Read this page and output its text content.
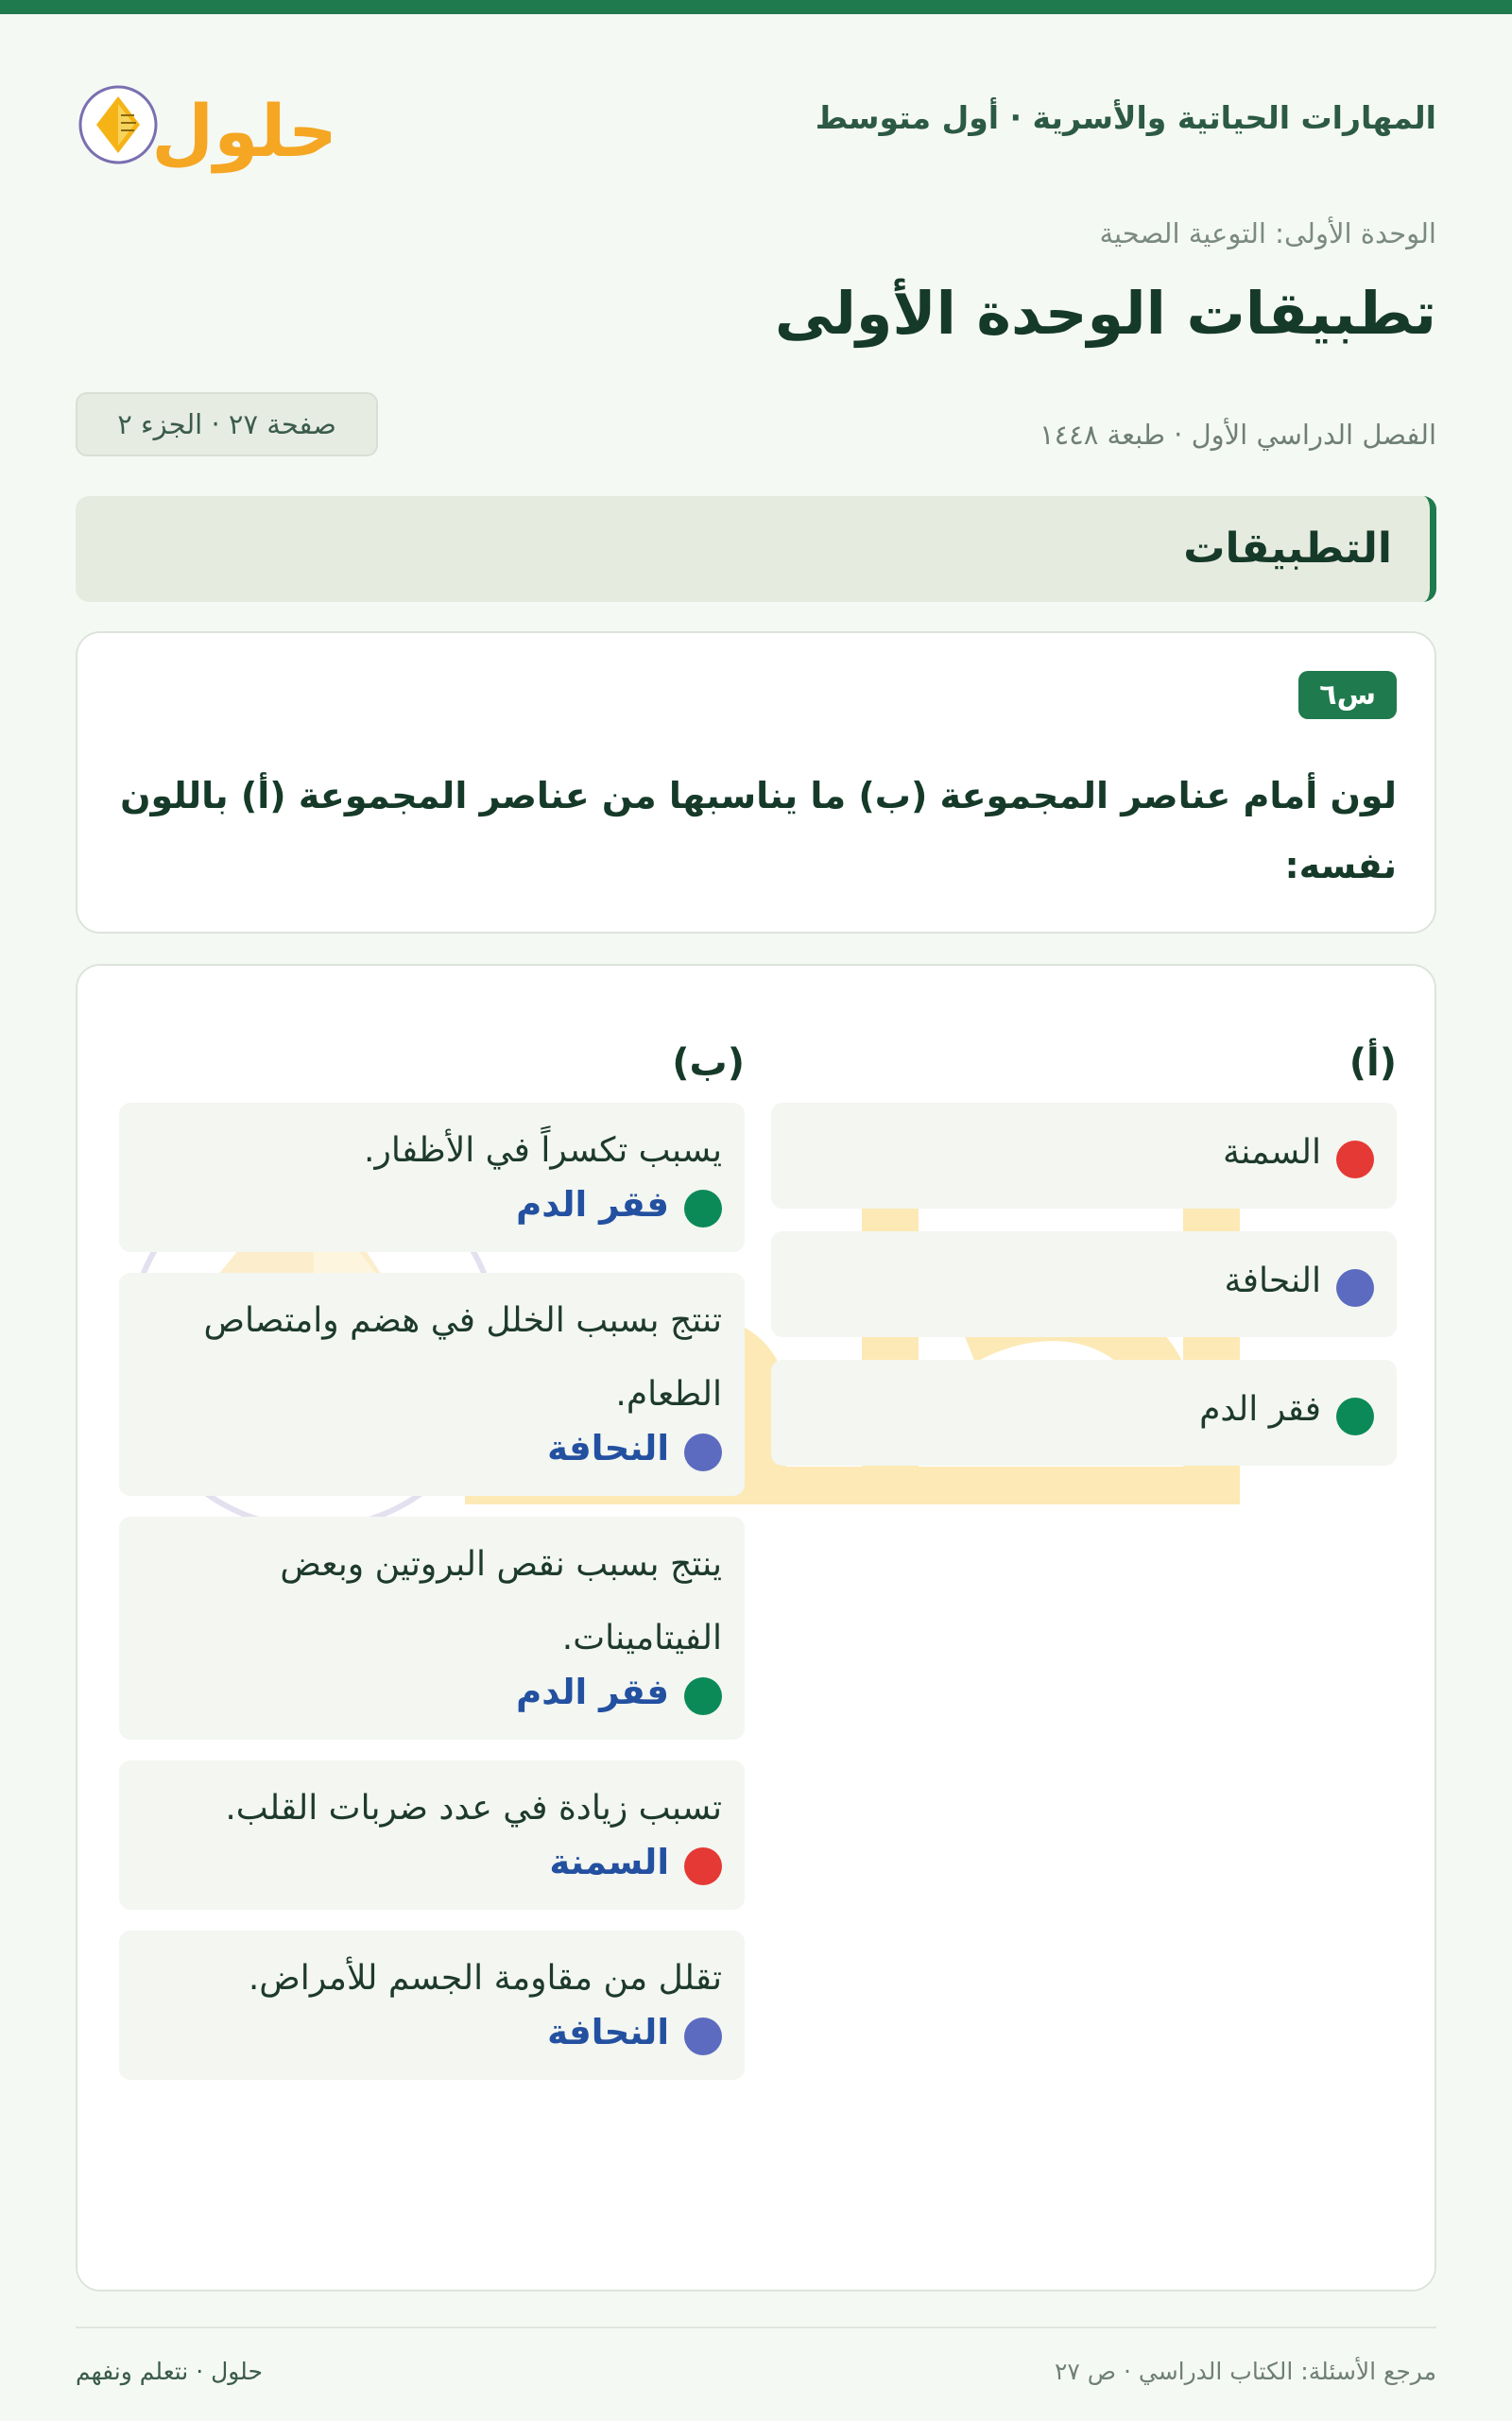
المهارات الحياتية والأسرية · أول متوسط
حلول
الوحدة الأولى: التوعية الصحية
تطبيقات الوحدة الأولى
الفصل الدراسي الأول · طبعة ١٤٤٨
صفحة ٢٧ · الجزء ٢
التطبيقات
س٦
لون أمام عناصر المجموعة (ب) ما يناسبها من عناصر المجموعة (أ) باللون نفسه:
(أ)
(ب)
السمنة
النحافة
فقر الدم
يسبب تكسراً في الأظفار.
فقر الدم
تنتج بسبب الخلل في هضم وامتصاص الطعام.
النحافة
ينتج بسبب نقص البروتين وبعض الفيتامينات.
فقر الدم
تسبب زيادة في عدد ضربات القلب.
السمنة
تقلل من مقاومة الجسم للأمراض.
النحافة
مرجع الأسئلة: الكتاب الدراسي · ص ٢٧
حلول · نتعلم ونفهم
